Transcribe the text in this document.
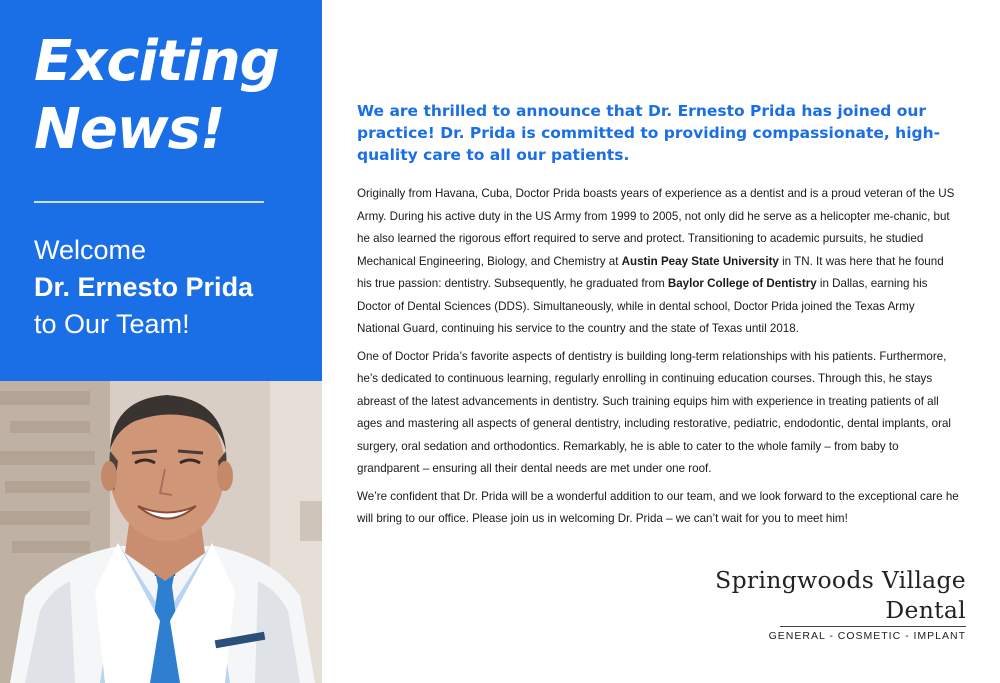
Exciting
News!
Welcome
Dr. Ernesto Prida
to Our Team!

We are thrilled to announce that Dr. Ernesto Prida has joined our practice! Dr. Prida is committed to providing compassionate, high-quality care to all our patients.

Originally from Havana, Cuba, Doctor Prida boasts years of experience as a dentist and is a proud veteran of the US Army. During his active duty in the US Army from 1999 to 2005, not only did he serve as a helicopter me-chanic, but he also learned the rigorous effort required to serve and protect. Transitioning to academic pursuits, he studied Mechanical Engineering, Biology, and Chemistry at Austin Peay State University in TN. It was here that he found his true passion: dentistry. Subsequently, he graduated from Baylor College of Dentistry in Dallas, earning his Doctor of Dental Sciences (DDS). Simultaneously, while in dental school, Doctor Prida joined the Texas Army National Guard, continuing his service to the country and the state of Texas until 2018.

One of Doctor Prida’s favorite aspects of dentistry is building long-term relationships with his patients. Furthermore, he’s dedicated to continuous learning, regularly enrolling in continuing education courses. Through this, he stays abreast of the latest advancements in dentistry. Such training equips him with experience in treating patients of all ages and mastering all aspects of general dentistry, including restorative, pediatric, endodontic, dental implants, oral surgery, oral sedation and orthodontics. Remarkably, he is able to cater to the whole family – from baby to grandparent – ensuring all their dental needs are met under one roof.

We’re confident that Dr. Prida will be a wonderful addition to our team, and we look forward to the exceptional care he will bring to our office. Please join us in welcoming Dr. Prida – we can’t wait for you to meet him!

Springwoods Village Dental
GENERAL - COSMETIC - IMPLANT
